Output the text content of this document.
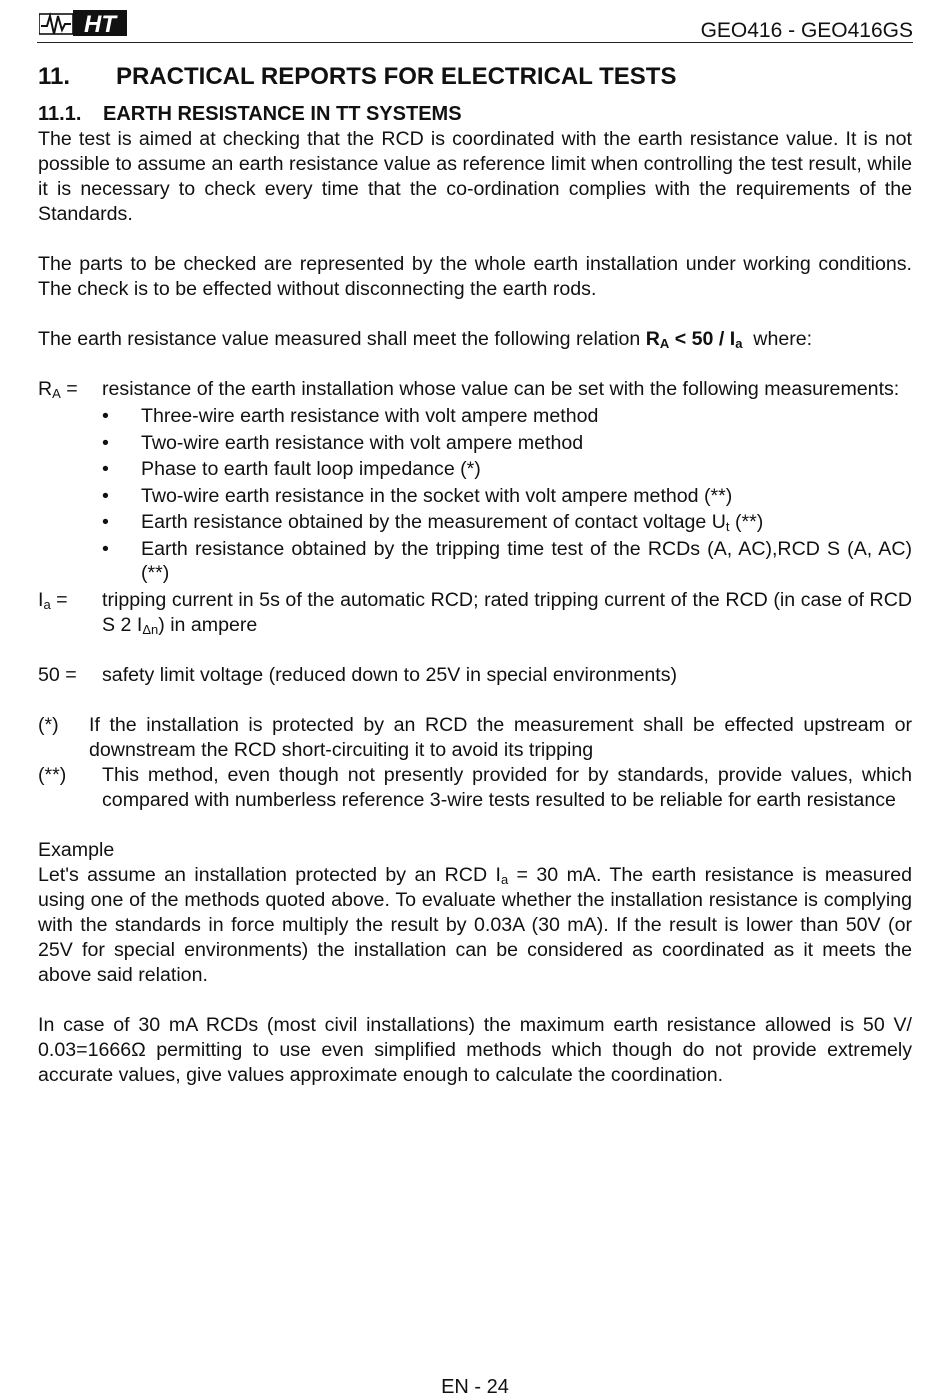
HT	GEO416 - GEO416GS
11. PRACTICAL REPORTS FOR ELECTRICAL TESTS
11.1. EARTH RESISTANCE IN TT SYSTEMS

The test is aimed at checking that the RCD is coordinated with the earth resistance value. It is not possible to assume an earth resistance value as reference limit when controlling the test result, while it is necessary to check every time that the co-ordination complies with the requirements of the Standards.

The parts to be checked are represented by the whole earth installation under working conditions. The check is to be effected without disconnecting the earth rods.

The earth resistance value measured shall meet the following relation $R_A < 50 / I_a$  where:

$R_A$ =	resistance of the earth installation whose value can be set with the following measurements:
• Three-wire earth resistance with volt ampere method
• Two-wire earth resistance with volt ampere method
• Phase to earth fault loop impedance (*)
• Two-wire earth resistance in the socket with volt ampere method (**)
• Earth resistance obtained by the measurement of contact voltage $U_t$ (**)
• Earth resistance obtained by the tripping time test of the RCDs (A, AC),RCD S (A, AC) (**)
$I_a$ =	tripping current in 5s of the automatic RCD; rated tripping current of the RCD (in case of RCD S 2 $I_{\Delta n}$) in ampere
50 =	safety limit voltage (reduced down to 25V in special environments)
(*)	If the installation is protected by an RCD the measurement shall be effected upstream or downstream the RCD short-circuiting it to avoid its tripping
(**)	This method, even though not presently provided for by standards, provide values, which compared with numberless reference 3-wire tests resulted to be reliable for earth resistance
Example

Let's assume an installation protected by an RCD $I_a = 30$ mA. The earth resistance is measured using one of the methods quoted above. To evaluate whether the installation resistance is complying with the standards in force multiply the result by 0.03A (30 mA). If the result is lower than 50V (or 25V for special environments) the installation can be considered as coordinated as it meets the above said relation.

In case of 30 mA RCDs (most civil installations) the maximum earth resistance allowed is 50 V/ 0.03=1666Ω permitting to use even simplified methods which though do not provide extremely accurate values, give values approximate enough to calculate the coordination.

EN - 24
